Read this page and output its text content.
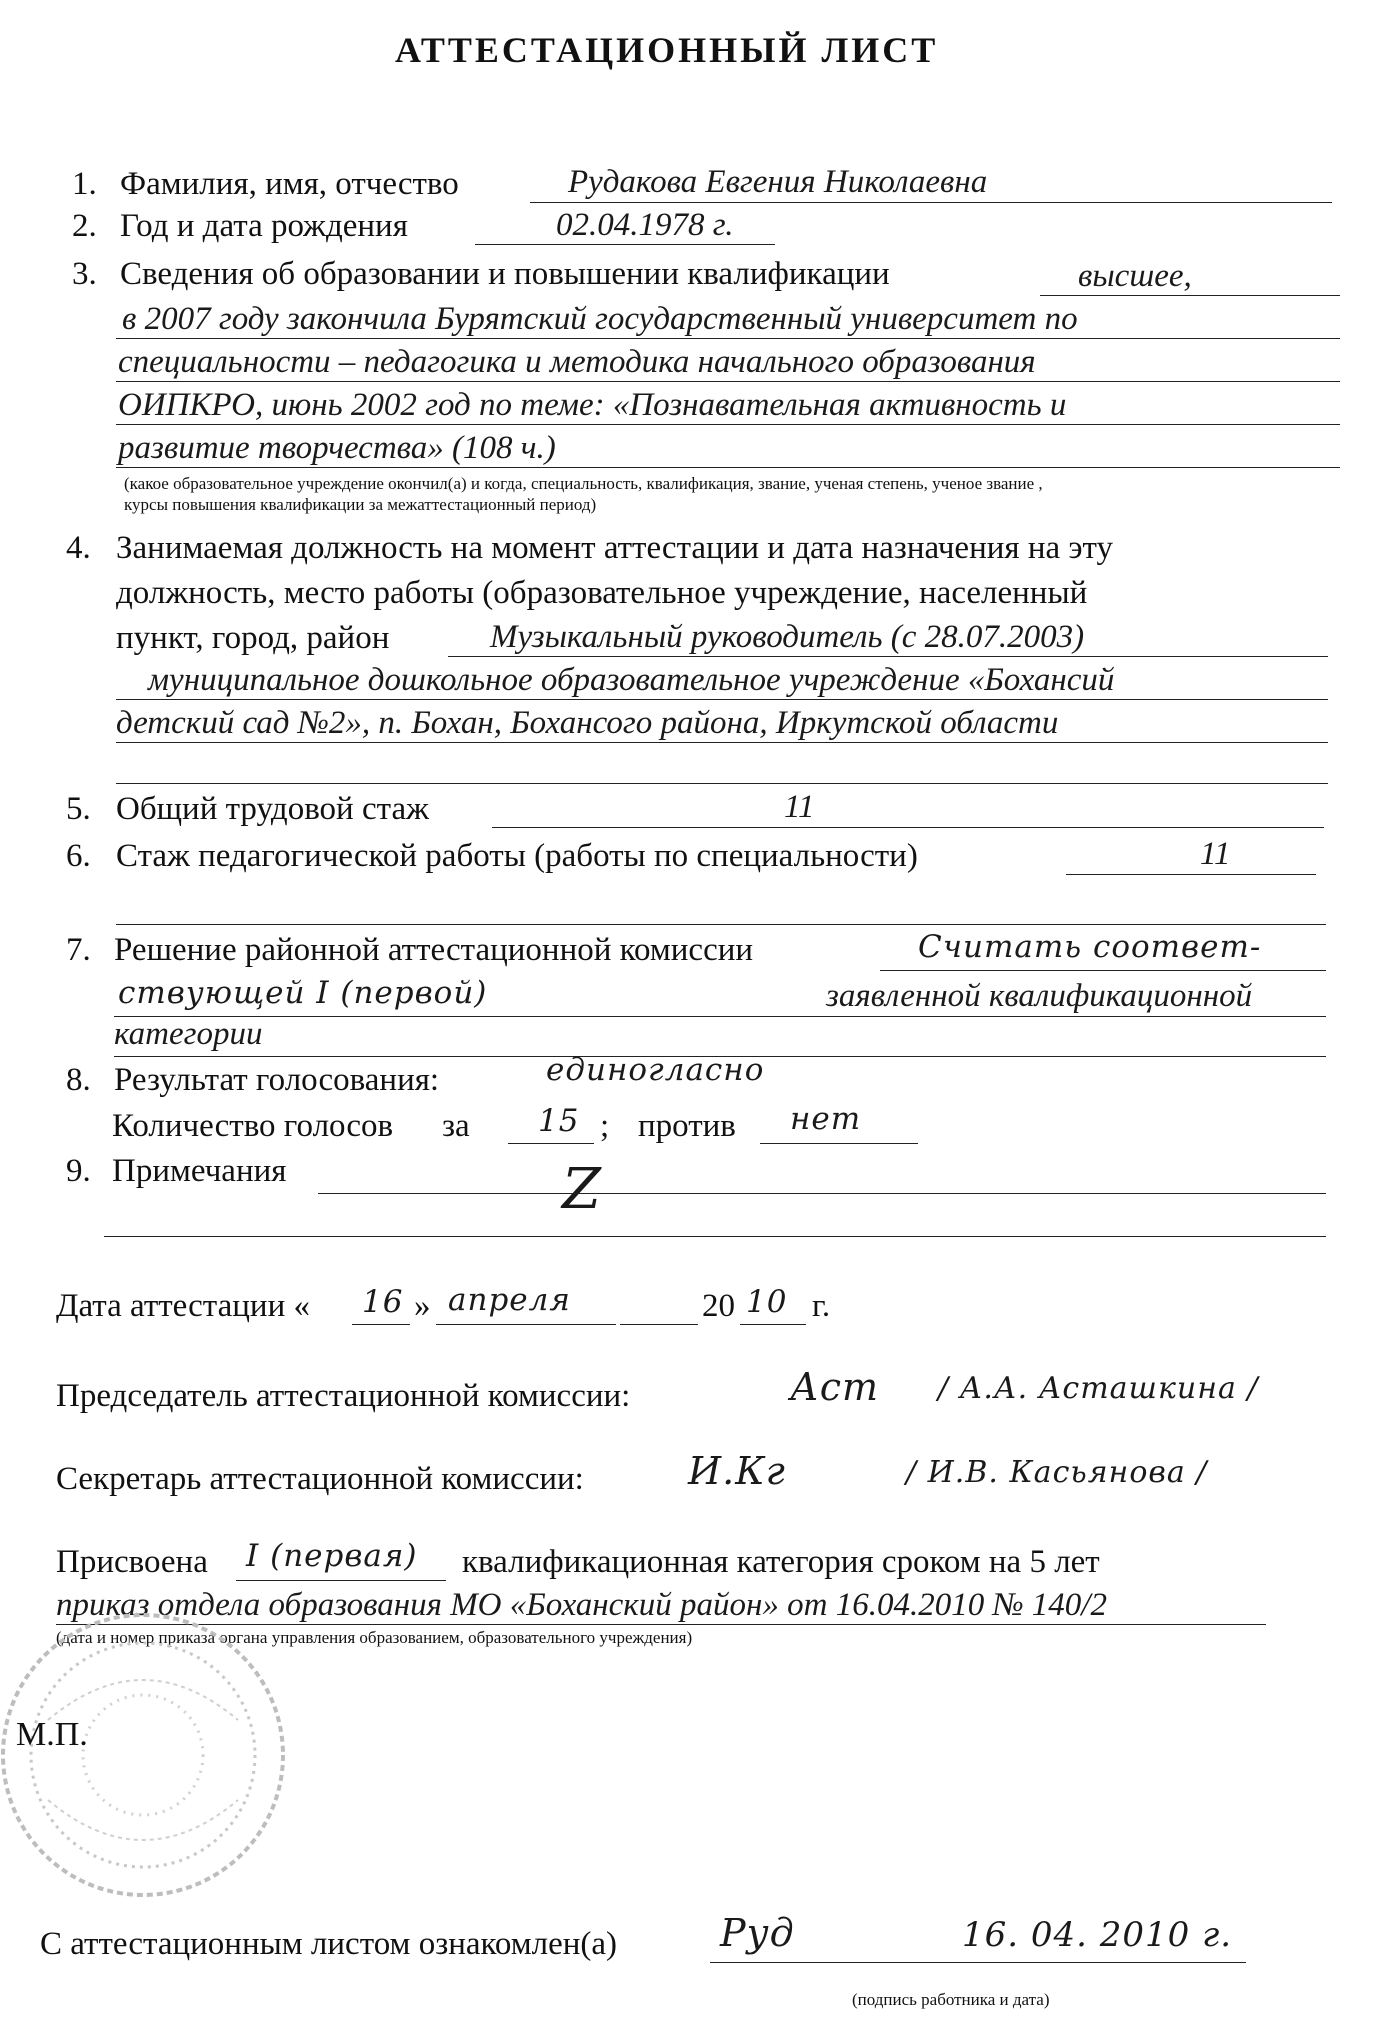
АТТЕСТАЦИОННЫЙ ЛИСТ
1. Фамилия, имя, отчество	Рудакова Евгения Николаевна
2. Год и дата рождения	02.04.1978 г.
3. Сведения об образовании и повышении квалификации	высшее,
в 2007 году закончила Бурятский государственный университет по
специальности – педагогика и методика начального образования
ОИПКРО, июнь 2002 год по теме: «Познавательная активность и
развитие творчества» (108 ч.)
(какое образовательное учреждение окончил(а) и когда, специальность, квалификация, звание, ученая степень, ученое звание ,
курсы повышения квалификации за межаттестационный период)
4. Занимаемая должность на момент аттестации и дата назначения на эту
должность, место работы (образовательное учреждение, населенный
пункт, город, район	Музыкальный руководитель (с 28.07.2003)
муниципальное дошкольное образовательное учреждение «Бохансий
детский сад №2», п. Бохан, Бохансого района, Иркутской области
5. Общий трудовой стаж	11
6. Стаж педагогической работы (работы по специальности)	11
7. Решение районной аттестационной комиссии	Считать соответ-
ствующей I (первой)	заявленной квалификационной
категории
8. Результат голосования:	единогласно
Количество голосов за 15 ; против нет
9. Примечания	Z
Дата аттестации « 16 » апреля	20 10 г.
Председатель аттестационной комиссии:	Аст / А.А. Асташкина /
Секретарь аттестационной комиссии:	И.Кг	/ И.В. Касьянова /
Присвоена I (первая) квалификационная категория сроком на 5 лет
приказ отдела образования МО «Боханский район» от 16.04.2010 № 140/2
(дата и номер приказа органа управления образованием, образовательного учреждения)
М.П.
С аттестационным листом ознакомлен(а)	Руд	16. 04. 2010 г.
(подпись работника и дата)
